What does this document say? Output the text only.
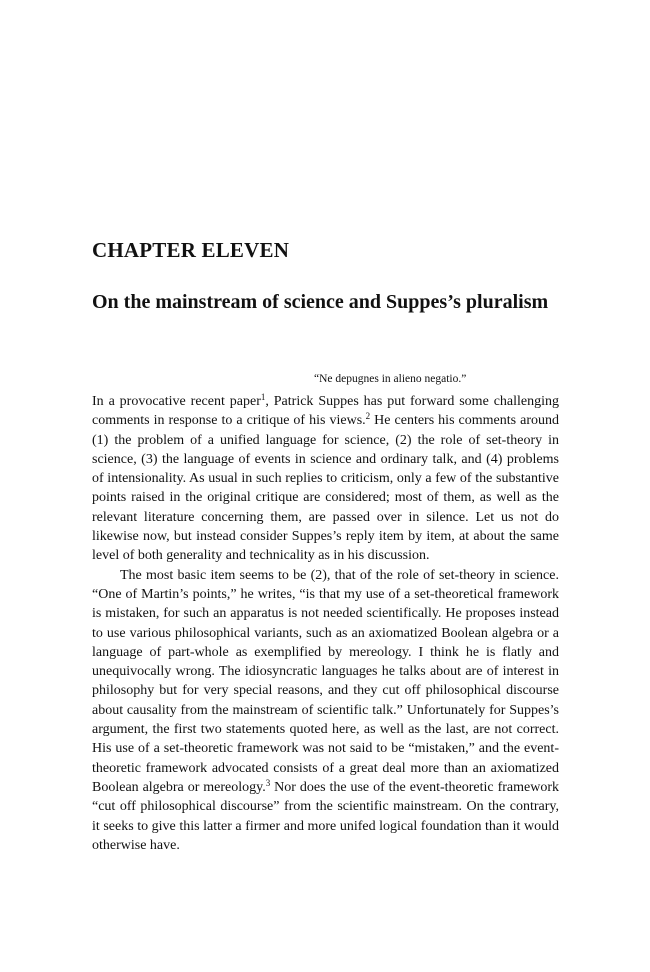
CHAPTER ELEVEN
On the mainstream of science and Suppes’s pluralism

“Ne depugnes in alieno negatio.”

In a provocative recent paper$^1$, Patrick Suppes has put forward some challenging comments in response to a critique of his views.$^2$ He centers his comments around (1) the problem of a unified language for science, (2) the role of set-theory in science, (3) the language of events in science and ordinary talk, and (4) problems of intensionality. As usual in such replies to criticism, only a few of the substantive points raised in the original critique are considered; most of them, as well as the relevant literature concerning them, are passed over in silence. Let us not do likewise now, but instead consider Suppes’s reply item by item, at about the same level of both generality and technicality as in his discussion.

The most basic item seems to be (2), that of the role of set-theory in science. “One of Martin’s points,” he writes, “is that my use of a set-theoretical framework is mistaken, for such an apparatus is not needed scientifically. He proposes instead to use various philosophical variants, such as an axiomatized Boolean algebra or a language of part-whole as exemplified by mereology. I think he is flatly and unequivocally wrong. The idiosyncratic languages he talks about are of interest in philosophy but for very special reasons, and they cut off philosophical discourse about causality from the mainstream of scientific talk.” Unfortunately for Suppes’s argument, the first two statements quoted here, as well as the last, are not correct. His use of a set-theoretic framework was not said to be “mistaken,” and the event-theoretic framework advocated consists of a great deal more than an axiomatized Boolean algebra or mereology.$^3$ Nor does the use of the event-theoretic framework “cut off philosophical discourse” from the scientific mainstream. On the contrary, it seeks to give this latter a firmer and more unifed logical foundation than it would otherwise have.
